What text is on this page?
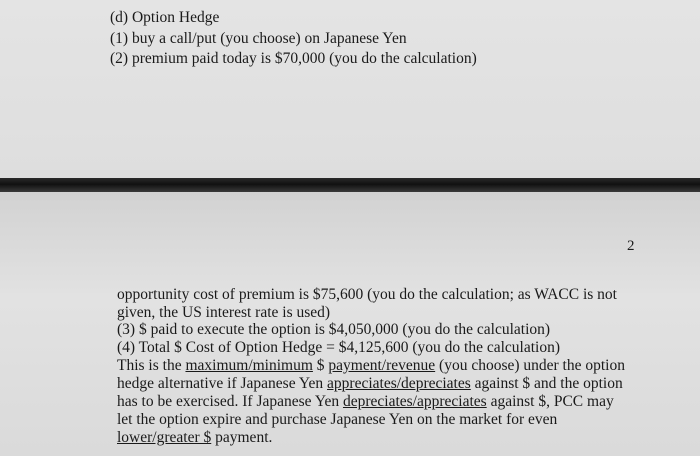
(d) Option Hedge
(1) buy a call/put (you choose) on Japanese Yen
(2) premium paid today is $70,000 (you do the calculation)
2
opportunity cost of premium is $75,600 (you do the calculation; as WACC is not
given, the US interest rate is used)
(3) $ paid to execute the option is $4,050,000 (you do the calculation)
(4) Total $ Cost of Option Hedge = $4,125,600 (you do the calculation)
This is the maximum/minimum $ payment/revenue (you choose) under the option
hedge alternative if Japanese Yen appreciates/depreciates against $ and the option
has to be exercised. If Japanese Yen depreciates/appreciates against $, PCC may
let the option expire and purchase Japanese Yen on the market for even
lower/greater $ payment.
